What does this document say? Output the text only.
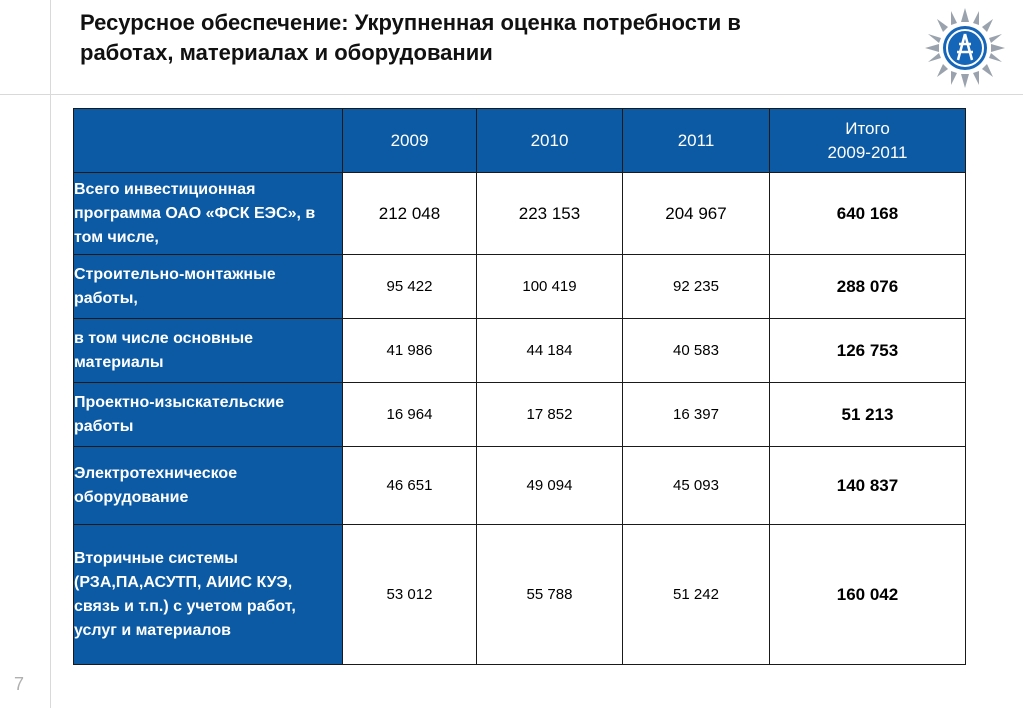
Ресурсное обеспечение: Укрупненная оценка потребности в
работах, материалах и оборудовании
	2009	2010	2011	Итого
2009-2011

Всего инвестиционная программа ОАО «ФСК ЕЭС», в том числе,	212 048	223 153	204 967	640 168
Строительно-монтажные работы,	95 422	100 419	92 235	288 076
в том числе основные материалы	41 986	44 184	40 583	126 753
Проектно-изыскательские работы	16 964	17 852	16 397	51 213
Электротехническое оборудование	46 651	49 094	45 093	140 837
Вторичные системы (РЗА,ПА,АСУТП, АИИС КУЭ, связь и т.п.) с учетом работ, услуг и материалов	53 012	55 788	51 242	160 042
7
